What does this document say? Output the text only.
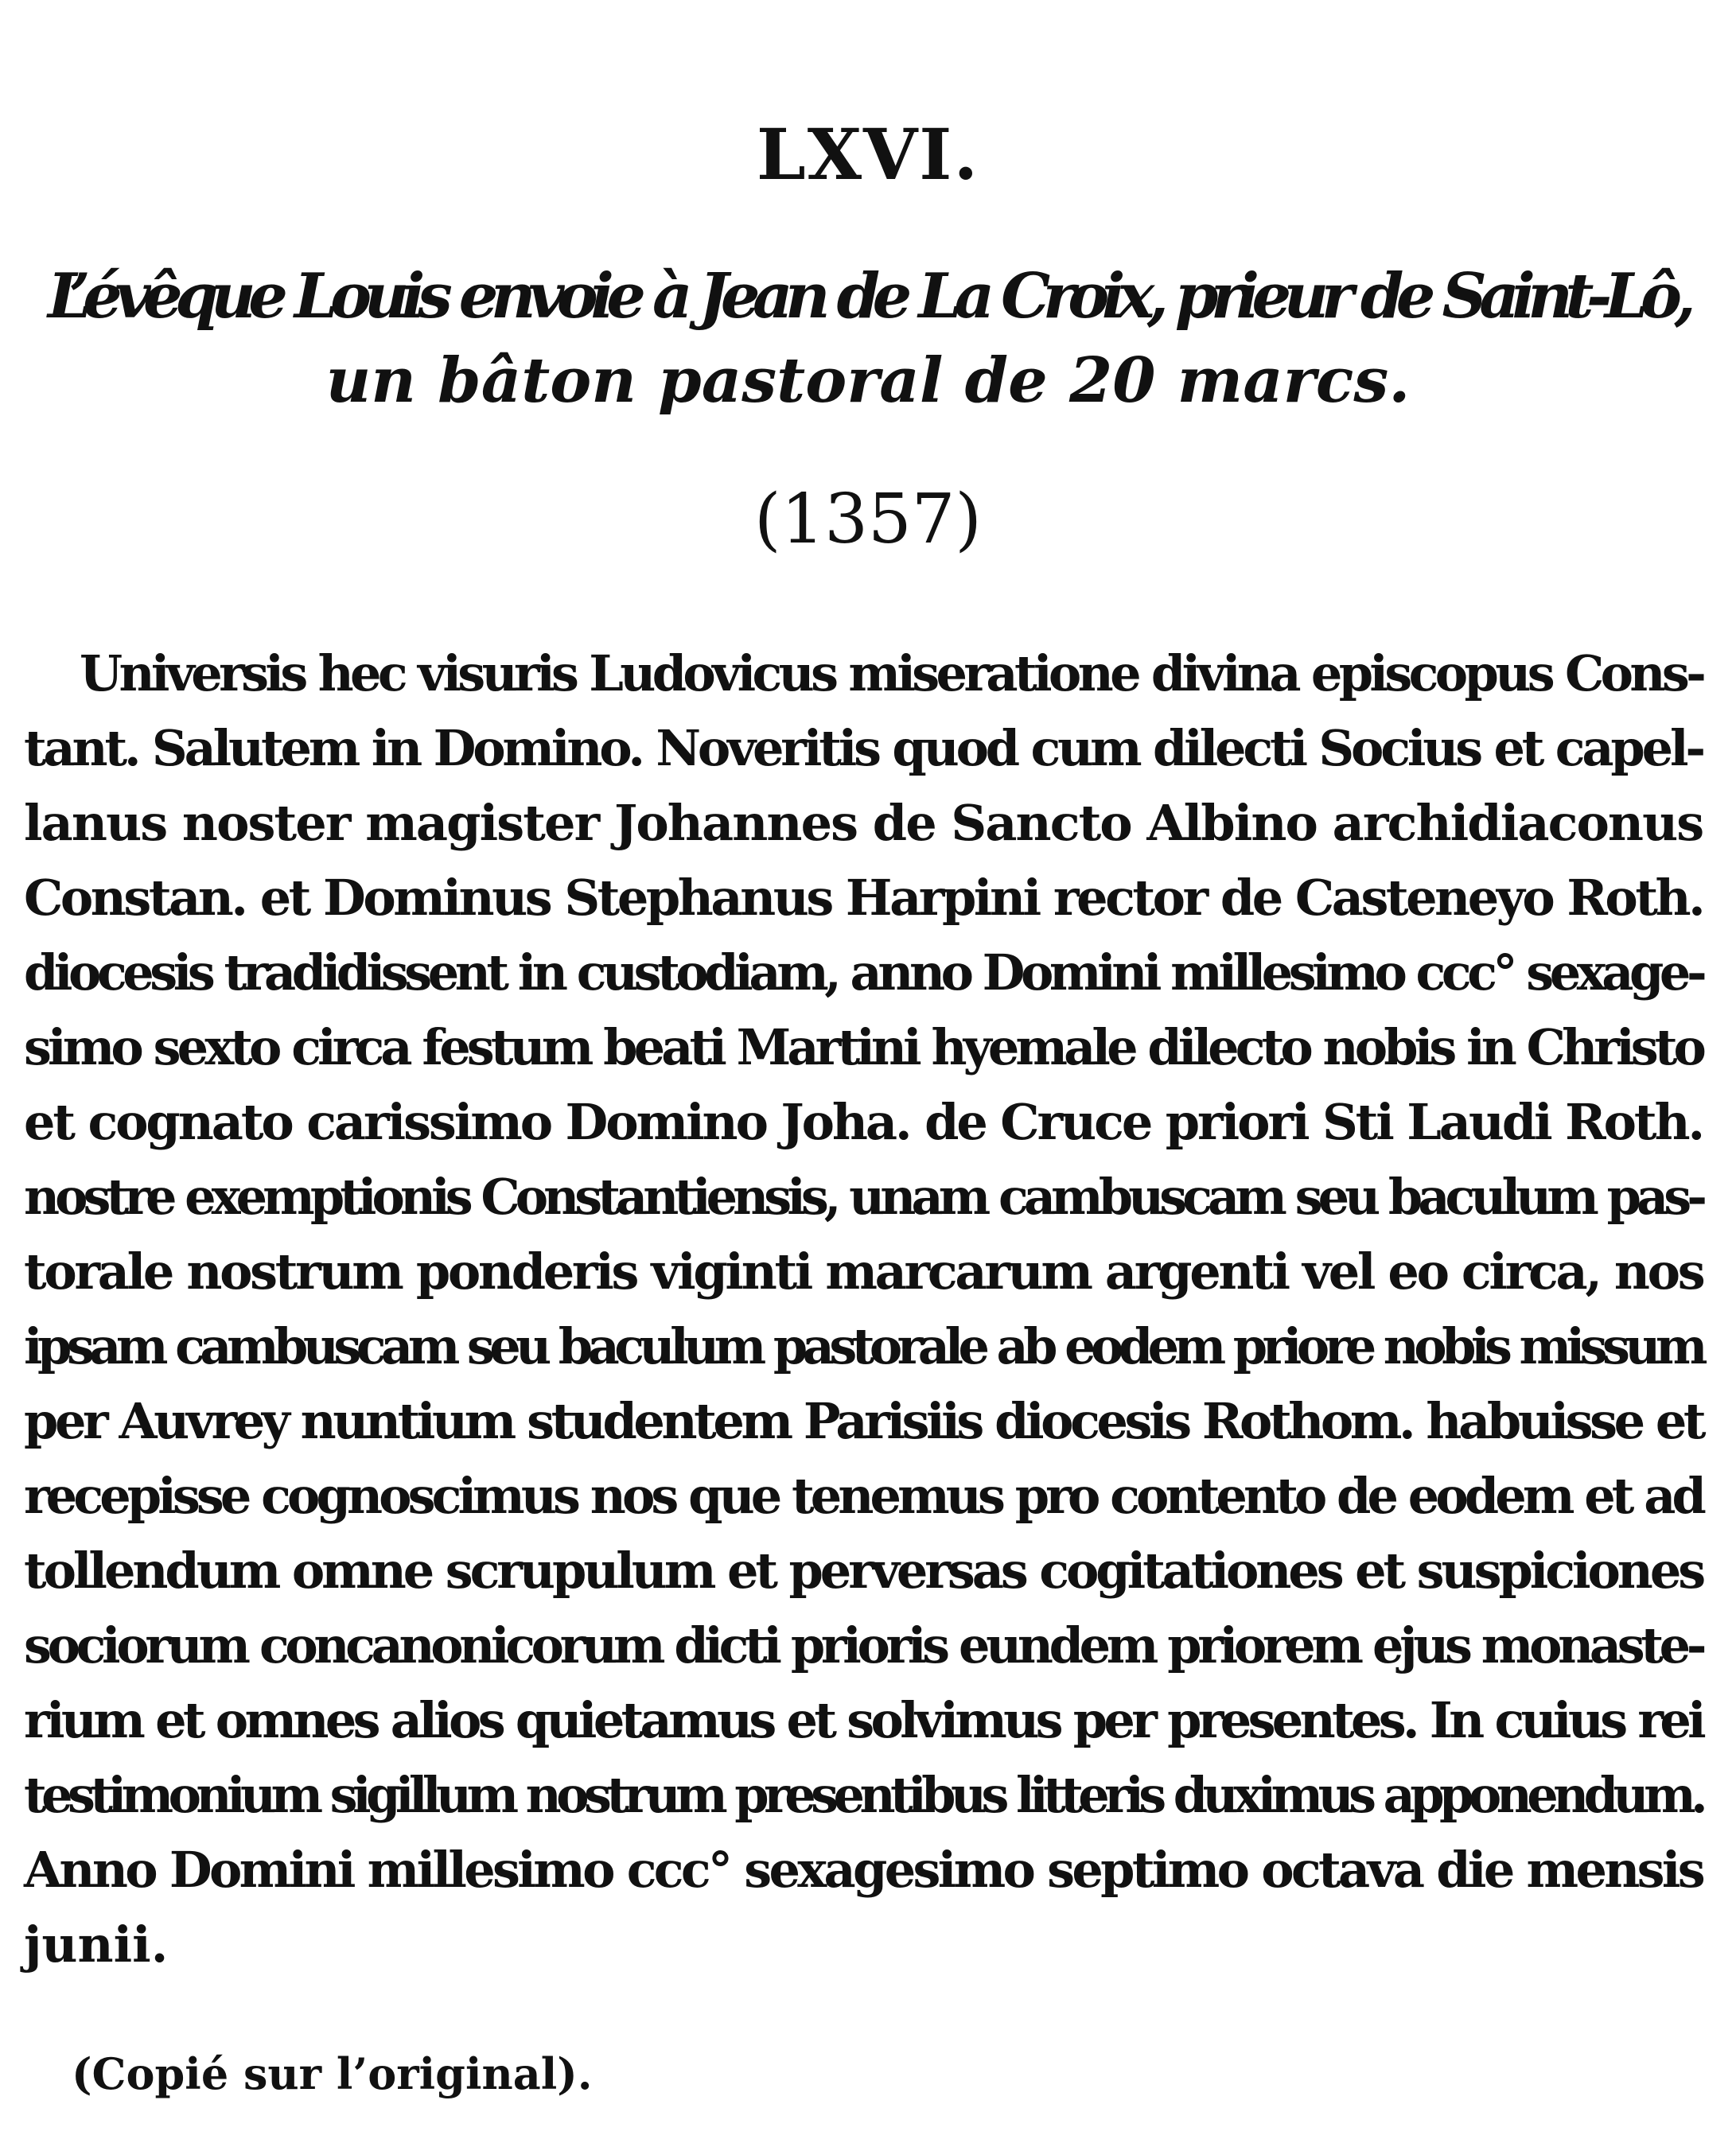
LXVI.
L’évêque Louis envoie à Jean de La Croix, prieur de Saint-Lô,
un bâton pastoral de 20 marcs.
(1357)
Universis hec visuris Ludovicus miseratione divina episcopus Cons-
tant. Salutem in Domino. Noveritis quod cum dilecti Socius et capel-
lanus noster magister Johannes de Sancto Albino archidiaconus
Constan. et Dominus Stephanus Harpini rector de Casteneyo Roth.
diocesis tradidissent in custodiam, anno Domini millesimo ccc° sexage-
simo sexto circa festum beati Martini hyemale dilecto nobis in Christo
et cognato carissimo Domino Joha. de Cruce priori Sti Laudi Roth.
nostre exemptionis Constantiensis, unam cambuscam seu baculum pas-
torale nostrum ponderis viginti marcarum argenti vel eo circa, nos
ipsam cambuscam seu baculum pastorale ab eodem priore nobis missum
per Auvrey nuntium studentem Parisiis diocesis Rothom. habuisse et
recepisse cognoscimus nos que tenemus pro contento de eodem et ad
tollendum omne scrupulum et perversas cogitationes et suspiciones
sociorum concanonicorum dicti prioris eundem priorem ejus monaste-
rium et omnes alios quietamus et solvimus per presentes. In cuius rei
testimonium sigillum nostrum presentibus litteris duximus apponendum.
Anno Domini millesimo ccc° sexagesimo septimo octava die mensis
junii.
(Copié sur l’original).
